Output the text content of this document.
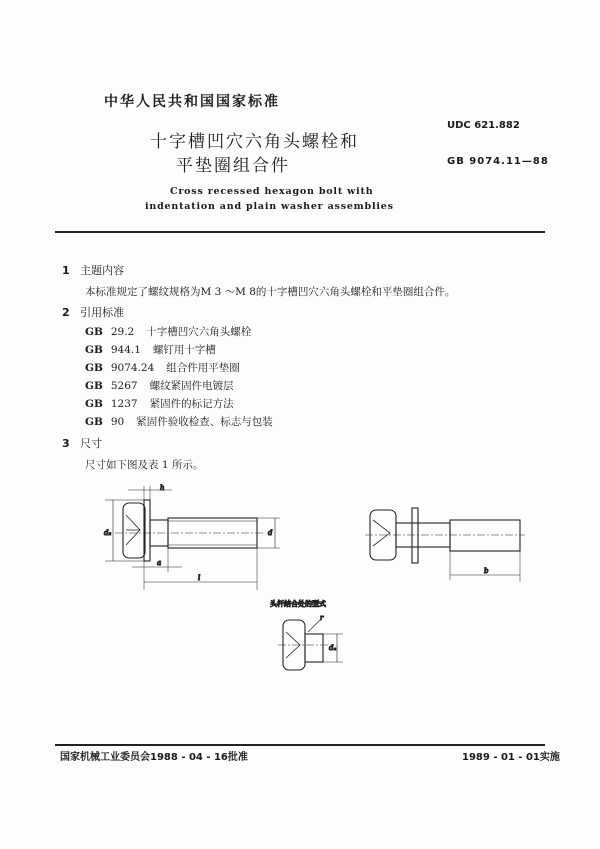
中华人民共和国国家标准
UDC 621.882
GB 9074.11—88
十字槽凹穴六角头螺栓和
平垫圈组合件
Cross recessed hexagon bolt with
indentation and plain washer assemblies
1 主题内容
本标准规定了螺纹规格为M 3 ～M 8的十字槽凹穴六角头螺栓和平垫圈组合件。
2 引用标准
GB 29.2 十字槽凹穴六角头螺栓
GB 944.1 螺钉用十字槽
GB 9074.24 组合件用平垫圈
GB 5267 螺纹紧固件电镀层
GB 1237 紧固件的标记方法
GB 90 紧固件验收检查、标志与包装
3 尺寸
尺寸如下图及表 1 所示。
h
d₂	d
a
l
b
r
dₐ
头杆结合处的型式
国家机械工业委员会1988 - 04 - 16批准	1989 - 01 - 01实施
